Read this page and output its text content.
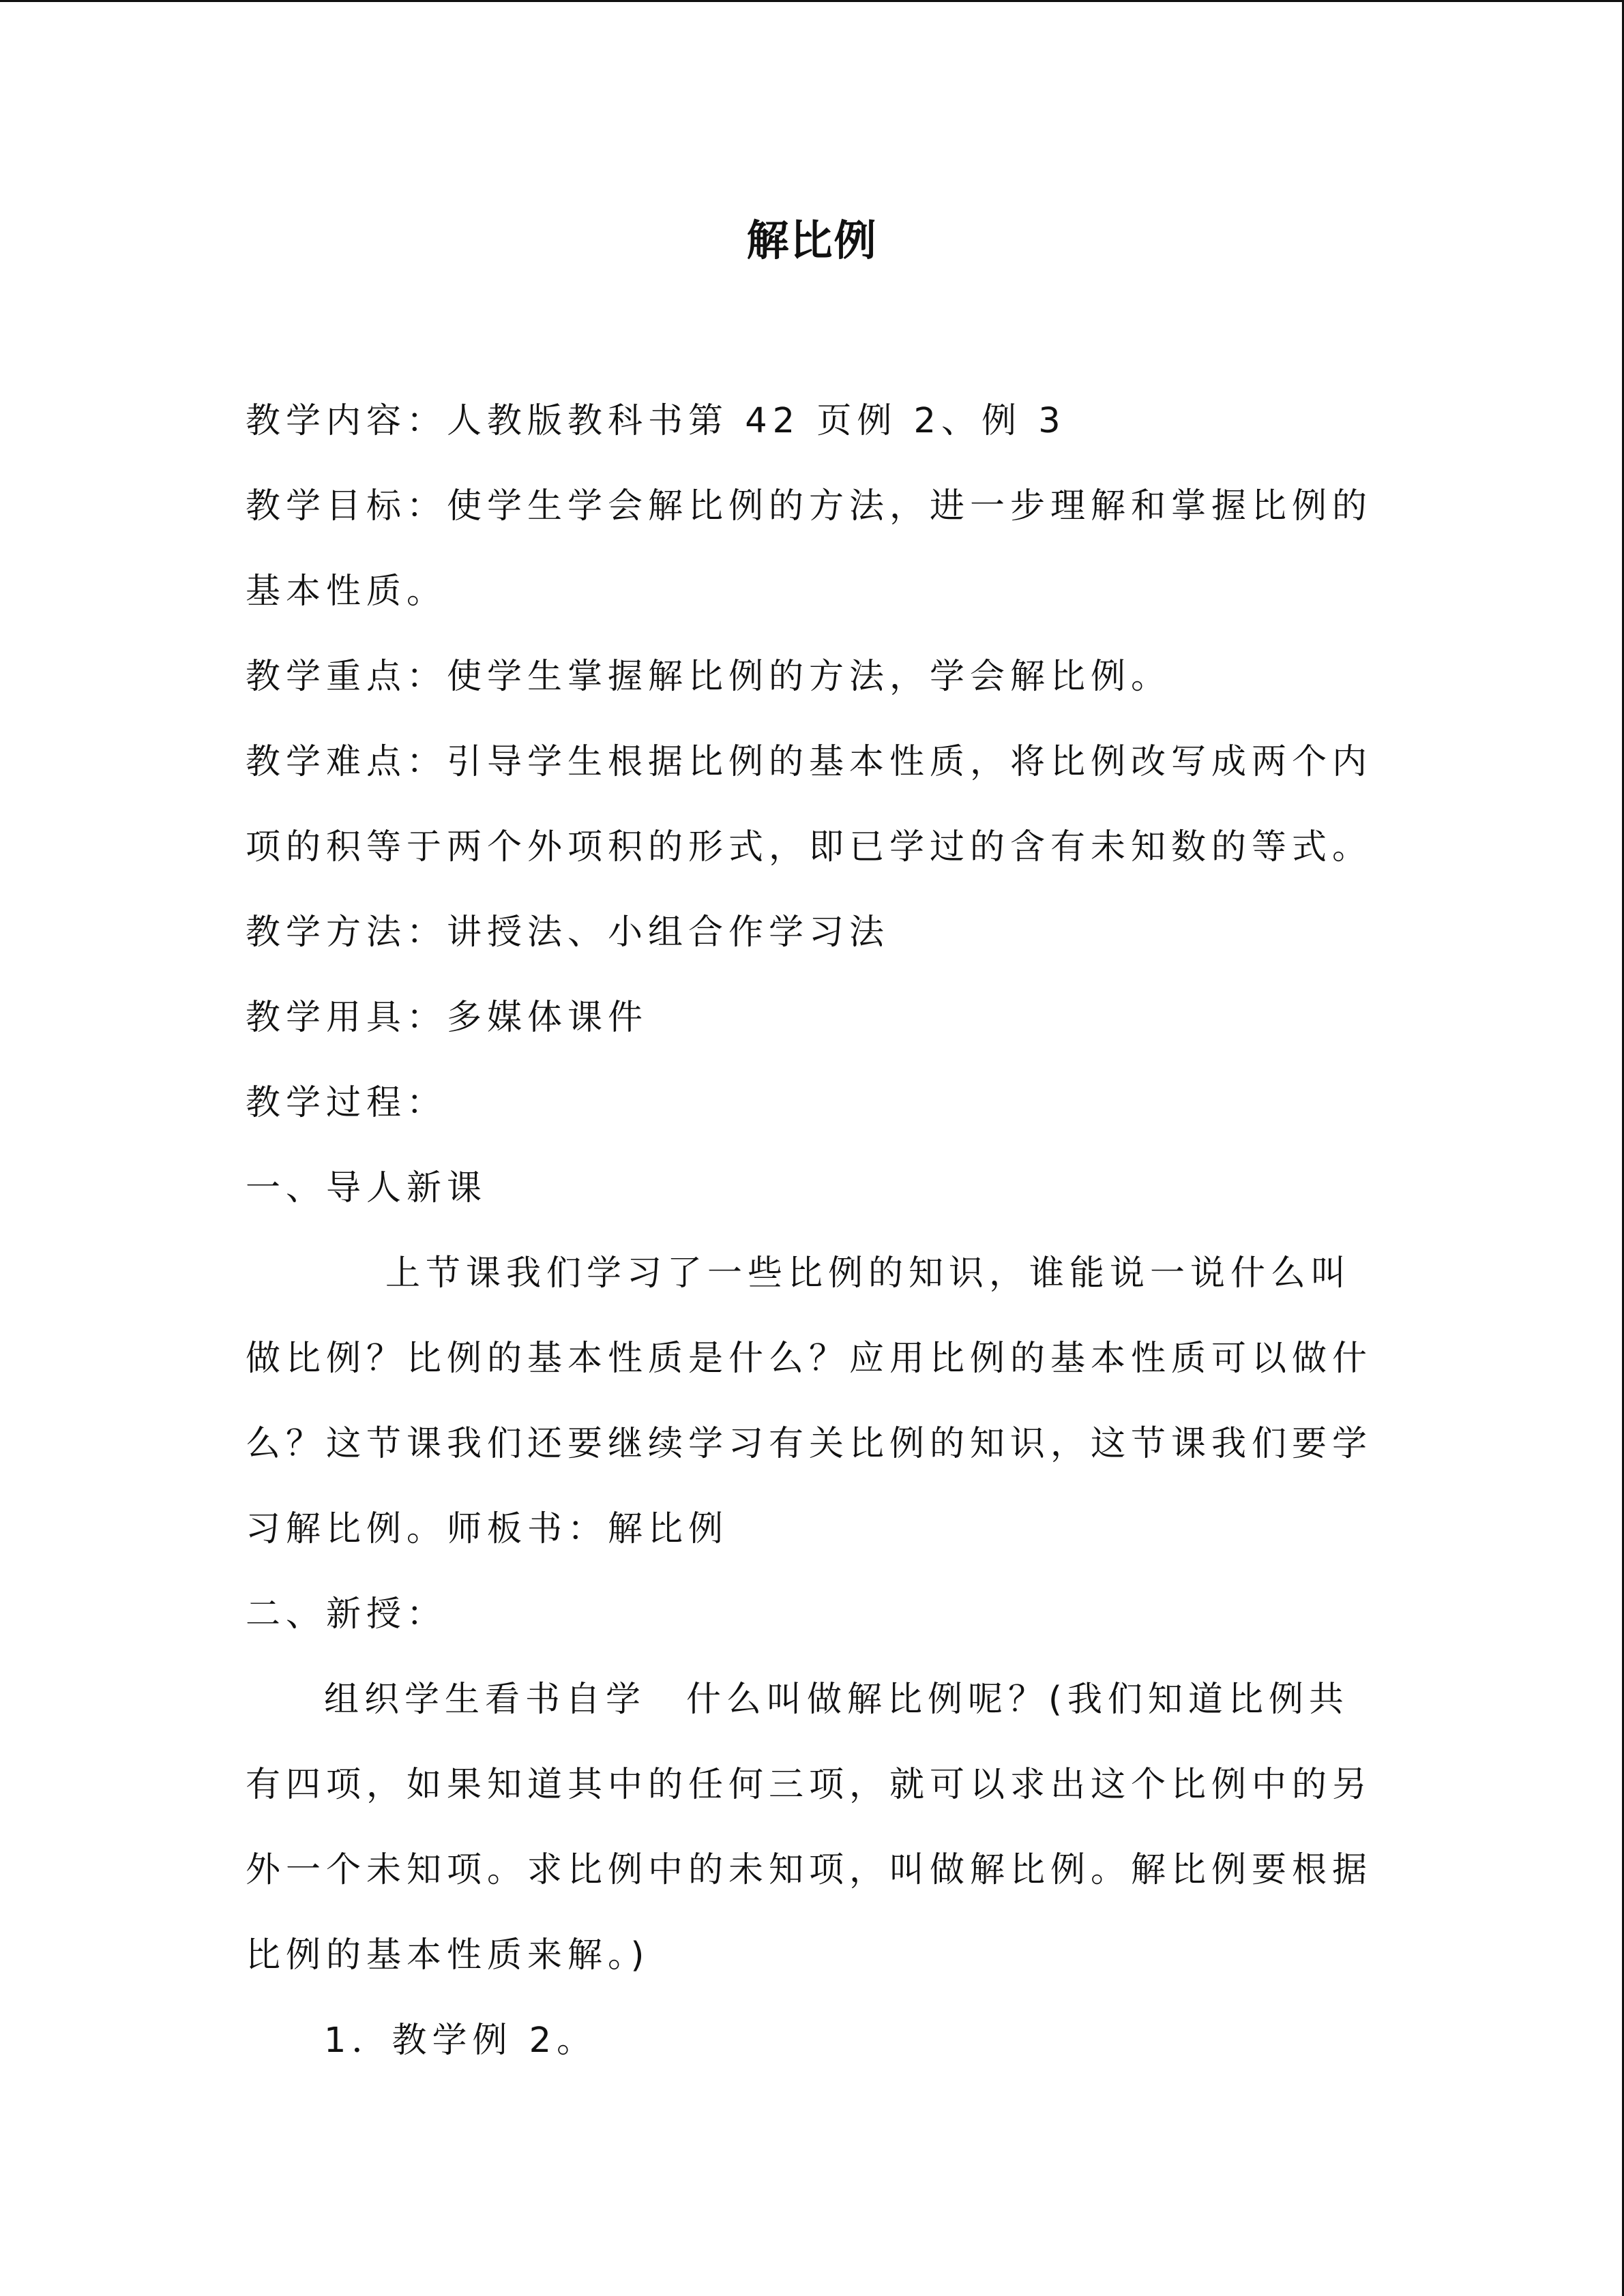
解比例

教学内容：人教版教科书第 42 页例 2、例 3

教学目标：使学生学会解比例的方法，进一步理解和掌握比例的基本性质。

教学重点：使学生掌握解比例的方法，学会解比例。

教学难点：引导学生根据比例的基本性质，将比例改写成两个内项的积等于两个外项积的形式，即已学过的含有未知数的等式。

教学方法：讲授法、小组合作学习法

教学用具：多媒体课件

教学过程：

一、导人新课

上节课我们学习了一些比例的知识，谁能说一说什么叫做比例？比例的基本性质是什么？应用比例的基本性质可以做什么？这节课我们还要继续学习有关比例的知识，这节课我们要学习解比例。师板书：解比例

二、新授：

组织学生看书自学　什么叫做解比例呢？(我们知道比例共有四项，如果知道其中的任何三项，就可以求出这个比例中的另外一个未知项。求比例中的未知项，叫做解比例。解比例要根据比例的基本性质来解。)

1．教学例 2。
